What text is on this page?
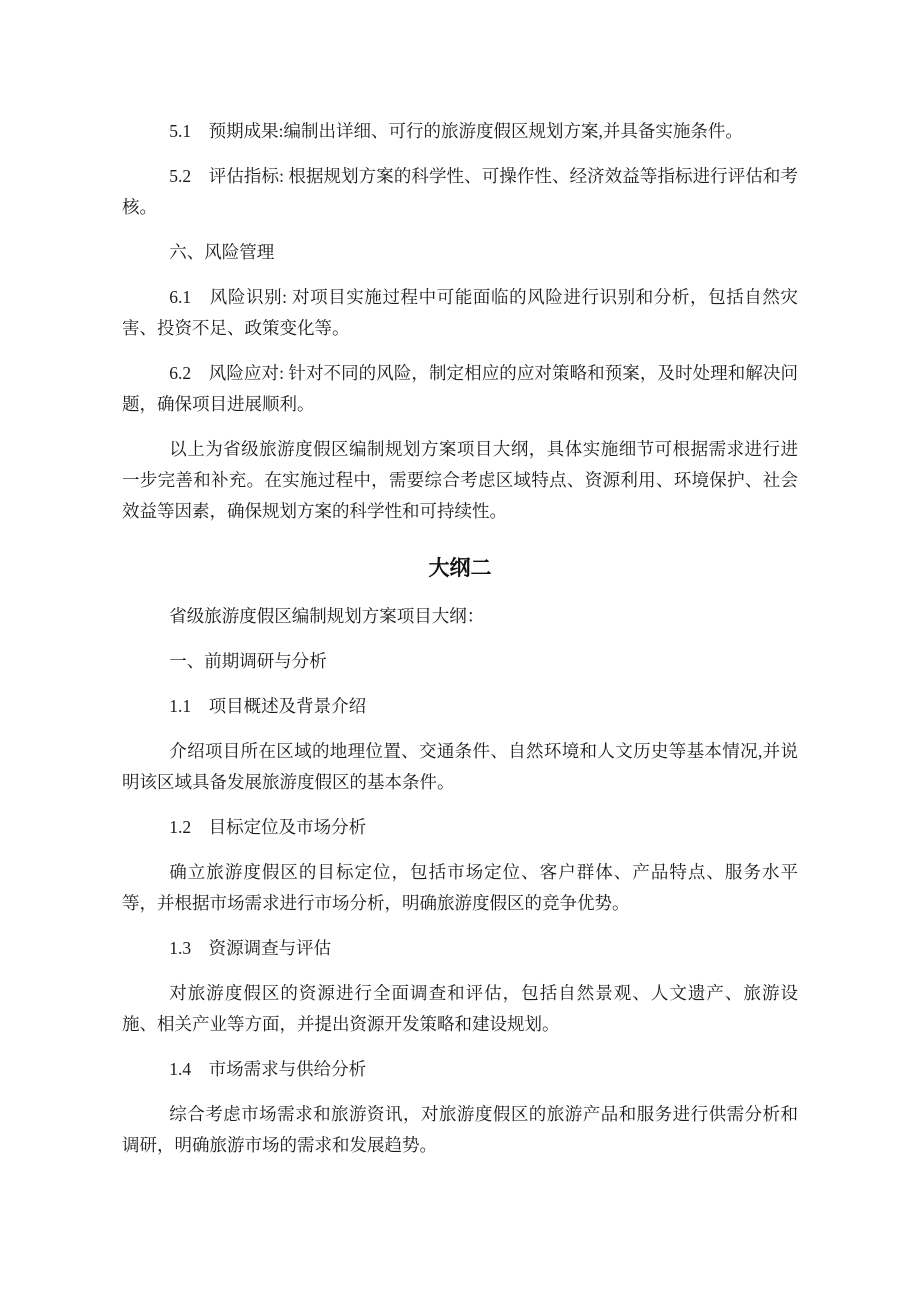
5.1　预期成果:编制出详细、可行的旅游度假区规划方案,并具备实施条件。

5.2　评估指标: 根据规划方案的科学性、可操作性、经济效益等指标进行评估和考核。

六、风险管理

6.1　风险识别: 对项目实施过程中可能面临的风险进行识别和分析，包括自然灾害、投资不足、政策变化等。

6.2　风险应对: 针对不同的风险，制定相应的应对策略和预案，及时处理和解决问题，确保项目进展顺利。

以上为省级旅游度假区编制规划方案项目大纲，具体实施细节可根据需求进行进一步完善和补充。在实施过程中，需要综合考虑区域特点、资源利用、环境保护、社会效益等因素，确保规划方案的科学性和可持续性。

大纲二

省级旅游度假区编制规划方案项目大纲：

一、前期调研与分析

1.1　项目概述及背景介绍

介绍项目所在区域的地理位置、交通条件、自然环境和人文历史等基本情况,并说明该区域具备发展旅游度假区的基本条件。

1.2　目标定位及市场分析

确立旅游度假区的目标定位，包括市场定位、客户群体、产品特点、服务水平等，并根据市场需求进行市场分析，明确旅游度假区的竞争优势。

1.3　资源调查与评估

对旅游度假区的资源进行全面调查和评估，包括自然景观、人文遗产、旅游设施、相关产业等方面，并提出资源开发策略和建设规划。

1.4　市场需求与供给分析

综合考虑市场需求和旅游资讯，对旅游度假区的旅游产品和服务进行供需分析和调研，明确旅游市场的需求和发展趋势。
